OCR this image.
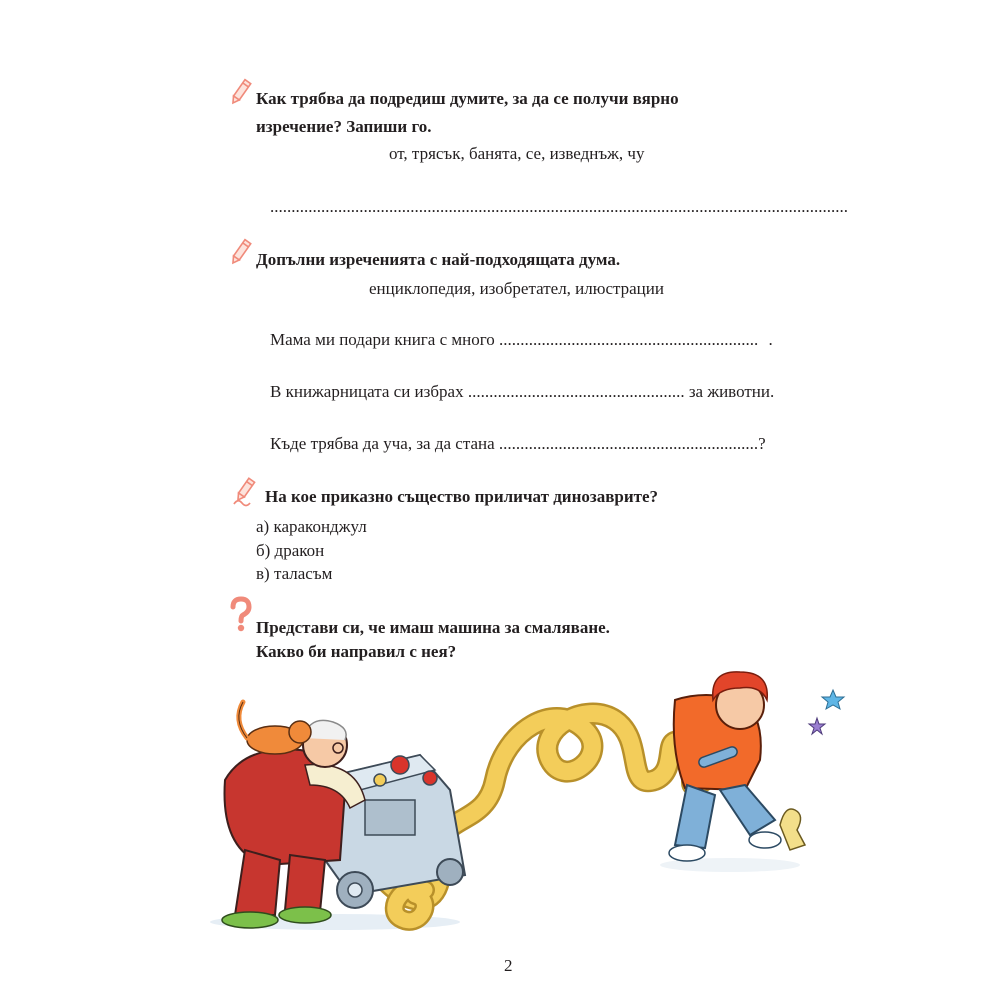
Как трябва да подредиш думите, за да се получи вярно
изречение? Запиши го.
от, трясък, банята, се, изведнъж, чу
........................................................................................................................................
Допълни изреченията с най-подходящата дума.
енциклопедия, изобретател, илюстрации
Мама ми подари книга с много ............................................................. .
В книжарницата си избрах ................................................... за животни.
Къде трябва да уча, за да стана .............................................................?
На кое приказно същество приличат динозаврите?
а) караконджул
б) дракон
в) таласъм
Представи си, че имаш машина за смаляване.
Какво би направил с нея?
2
